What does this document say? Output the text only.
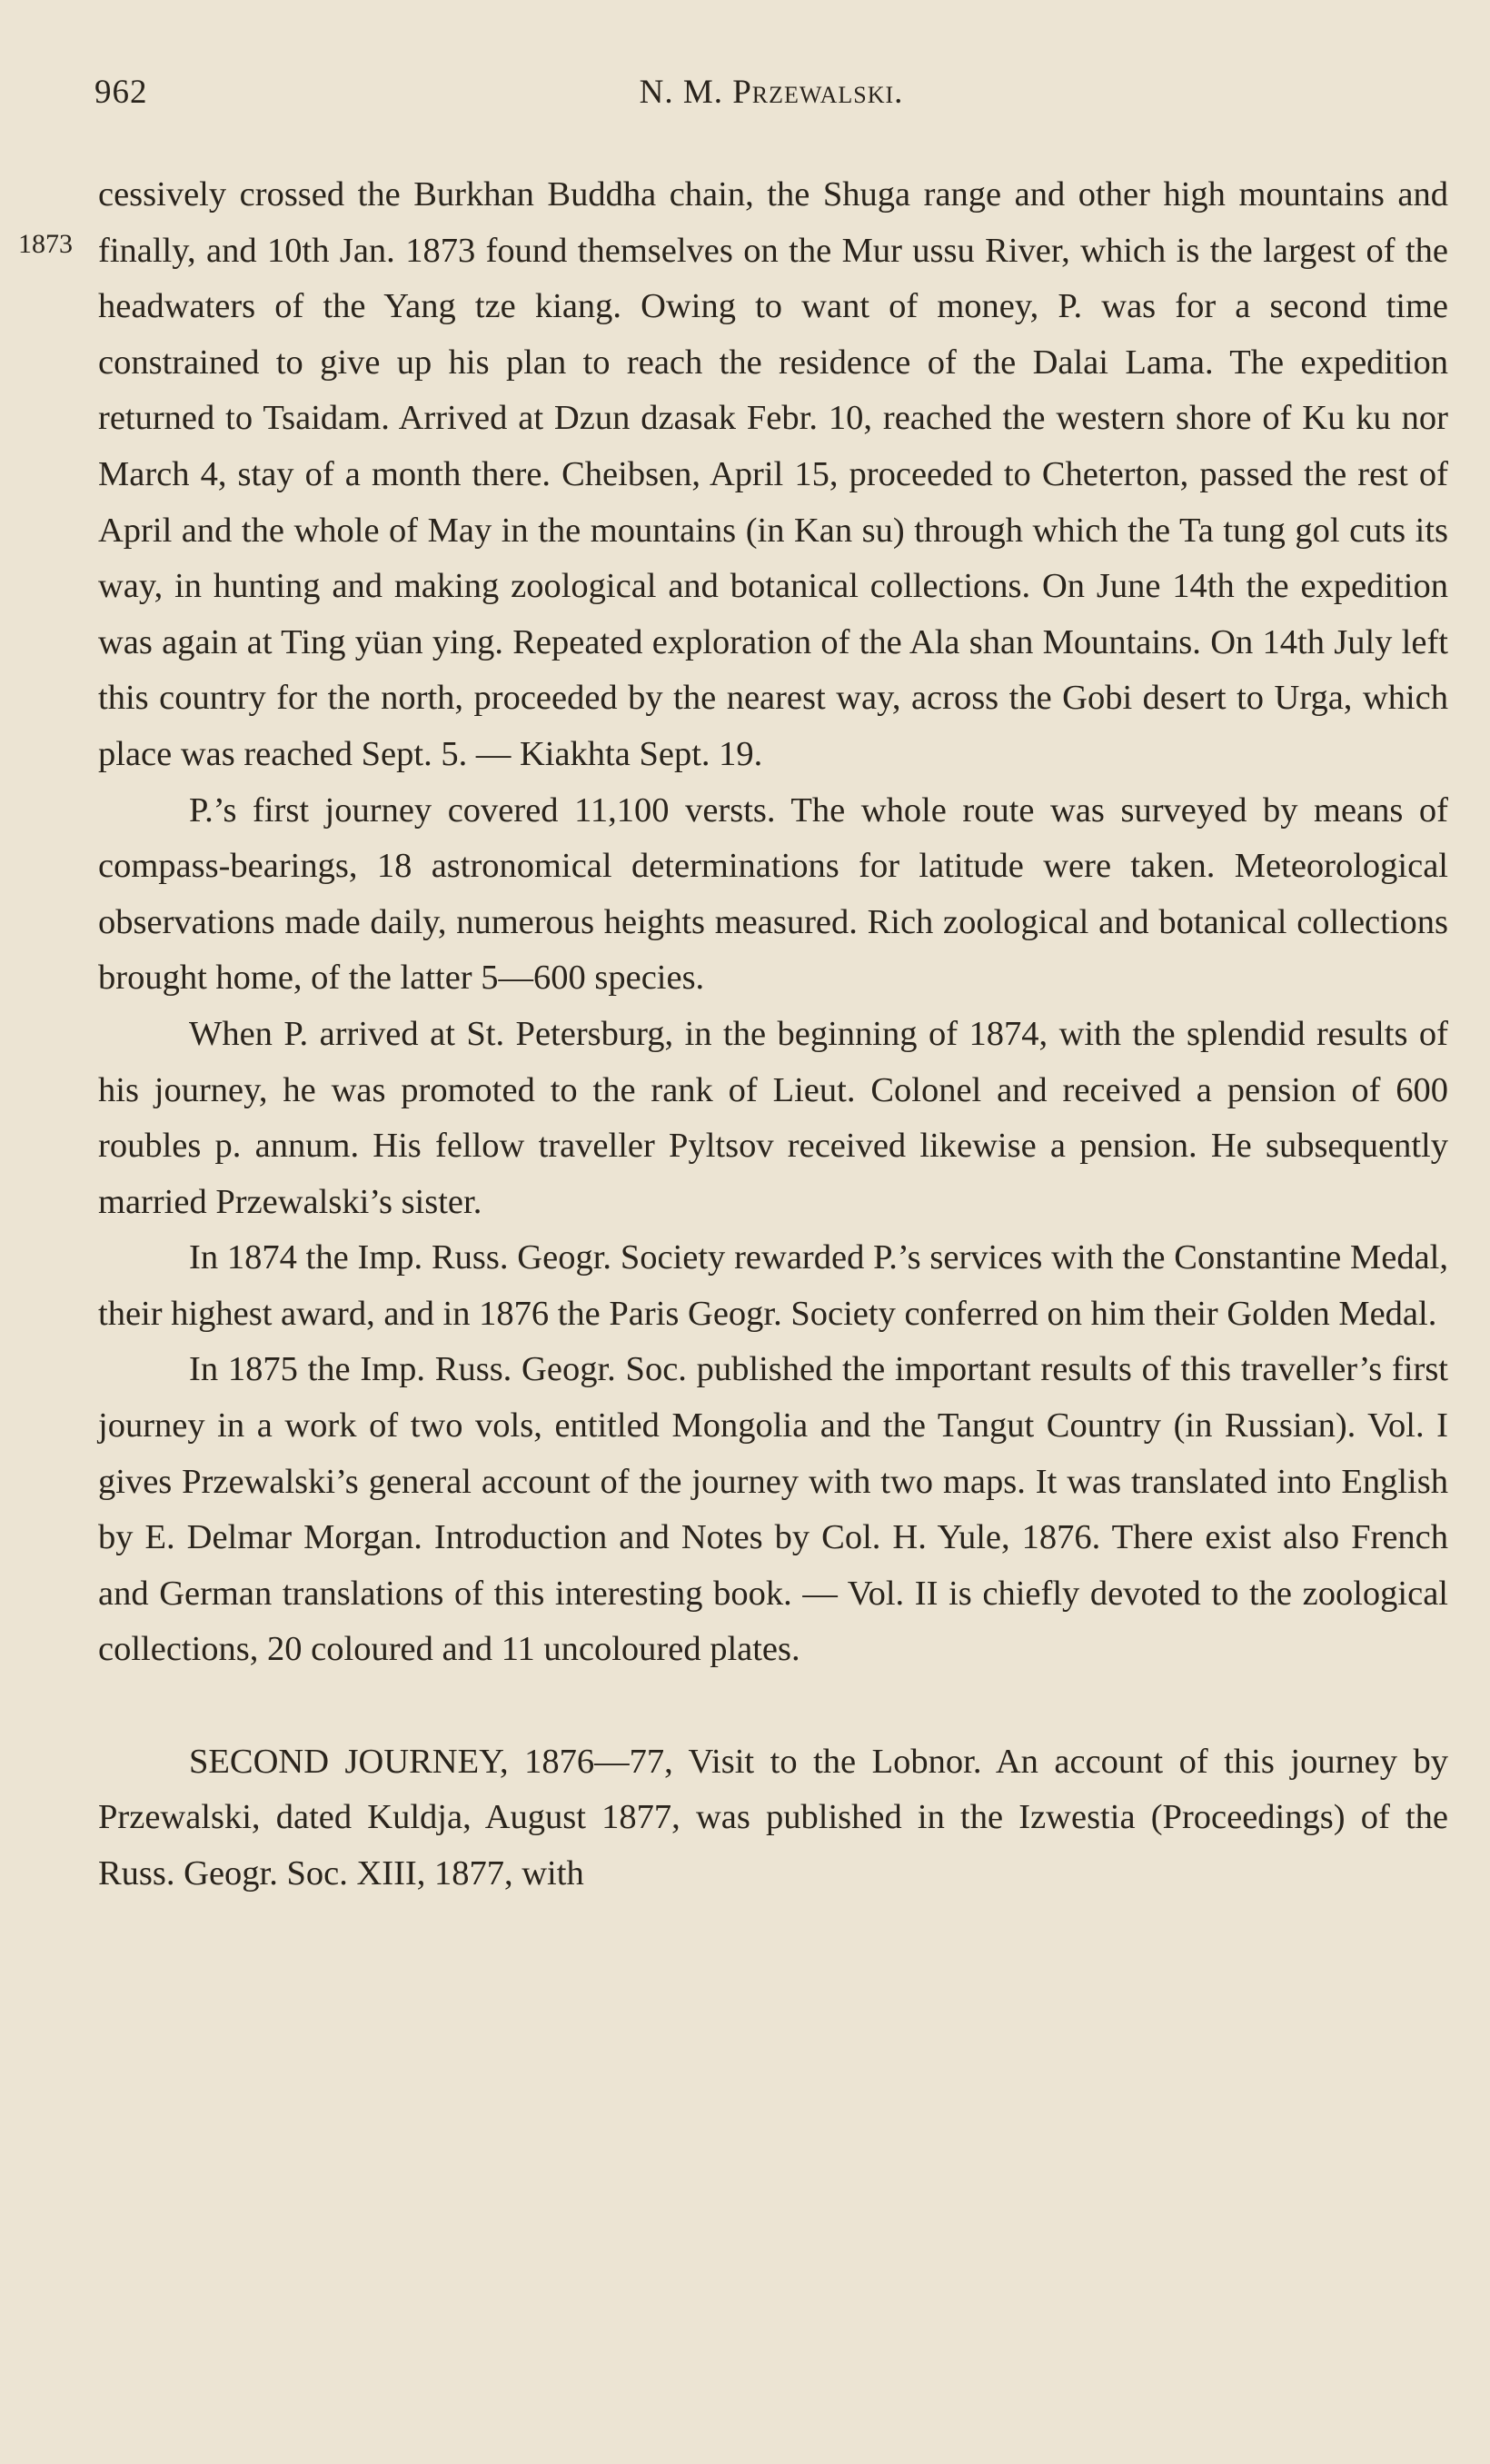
962	N. M. Przewalski.
1873

cessively crossed the Burkhan Buddha chain, the Shuga range and other high mountains and finally, and 10th Jan. 1873 found themselves on the Mur ussu River, which is the largest of the headwaters of the Yang tze kiang. Owing to want of money, P. was for a second time constrained to give up his plan to reach the residence of the Dalai Lama. The expedition returned to Tsaidam. Arrived at Dzun dzasak Febr. 10, reached the western shore of Ku ku nor March 4, stay of a month there. Cheibsen, April 15, proceeded to Cheterton, passed the rest of April and the whole of May in the mountains (in Kan su) through which the Ta tung gol cuts its way, in hunting and making zoological and botanical collections. On June 14th the expedition was again at Ting yüan ying. Repeated exploration of the Ala shan Mountains. On 14th July left this country for the north, proceeded by the nearest way, across the Gobi desert to Urga, which place was reached Sept. 5. — Kiakhta Sept. 19.

P.’s first journey covered 11,100 versts. The whole route was surveyed by means of compass-bearings, 18 astronomical determinations for latitude were taken. Meteorological observations made daily, numerous heights measured. Rich zoological and botanical collections brought home, of the latter 5—600 species.

When P. arrived at St. Petersburg, in the beginning of 1874, with the splendid results of his journey, he was promoted to the rank of Lieut. Colonel and received a pension of 600 roubles p. annum. His fellow traveller Pyltsov received likewise a pension. He subsequently married Przewalski’s sister.

In 1874 the Imp. Russ. Geogr. Society rewarded P.’s services with the Constantine Medal, their highest award, and in 1876 the Paris Geogr. Society conferred on him their Golden Medal.

In 1875 the Imp. Russ. Geogr. Soc. published the important results of this traveller’s first journey in a work of two vols, entitled Mongolia and the Tangut Country (in Russian). Vol. I gives Przewalski’s general account of the journey with two maps. It was translated into English by E. Delmar Morgan. Introduction and Notes by Col. H. Yule, 1876. There exist also French and German translations of this interesting book. — Vol. II is chiefly devoted to the zoological collections, 20 coloured and 11 uncoloured plates.

SECOND JOURNEY, 1876—77, Visit to the Lobnor. An account of this journey by Przewalski, dated Kuldja, August 1877, was published in the Izwestia (Proceedings) of the Russ. Geogr. Soc. XIII, 1877, with
